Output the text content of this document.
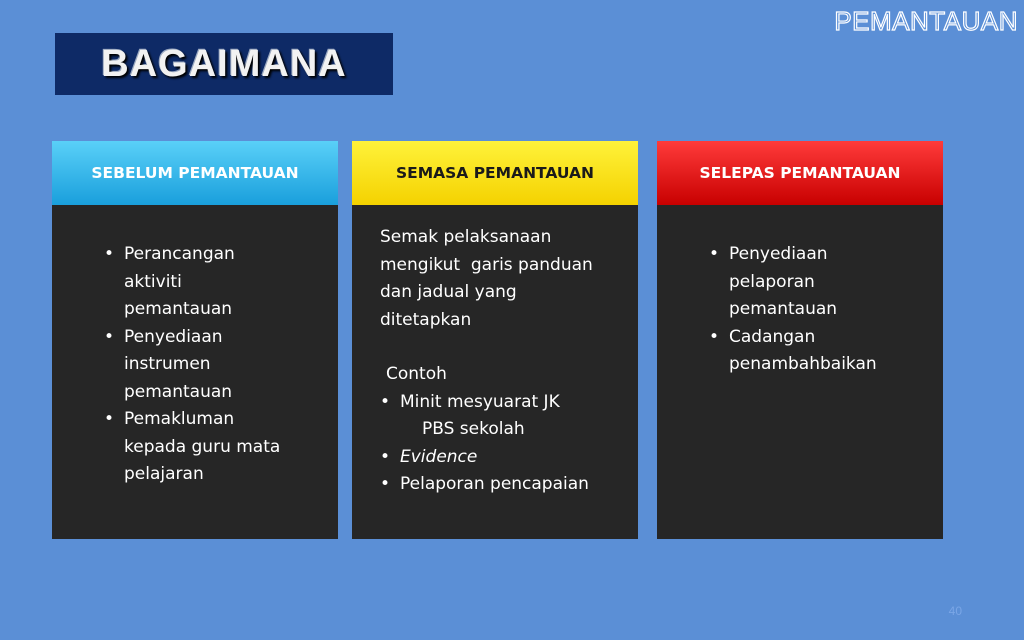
PEMANTAUAN
BAGAIMANA
SEBELUM PEMANTAUAN
• Perancangan
aktiviti
pemantauan
• Penyediaan
instrumen
pemantauan
• Pemakluman
kepada guru mata
pelajaran
SEMASA PEMANTAUAN
Semak pelaksanaan
mengikut  garis panduan
dan jadual yang
ditetapkan
Contoh
• Minit mesyuarat JK
PBS sekolah
• Evidence
• Pelaporan pencapaian
SELEPAS PEMANTAUAN
• Penyediaan
pelaporan
pemantauan
• Cadangan
penambahbaikan
40
